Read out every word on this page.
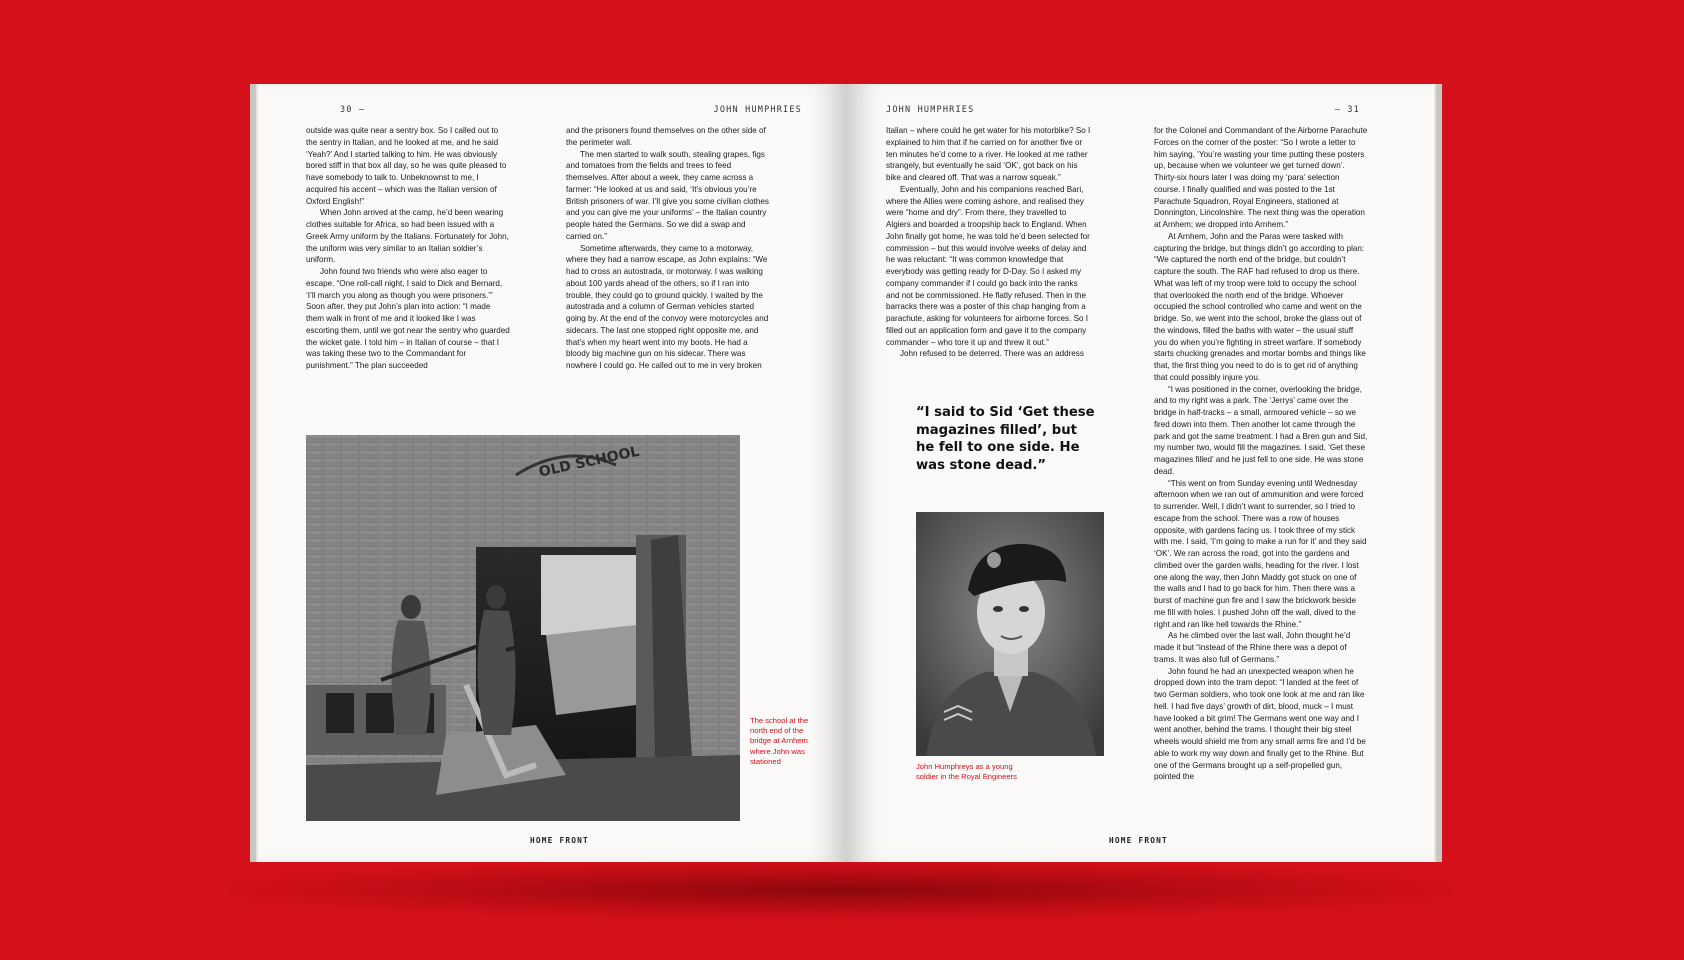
30 —	JOHN HUMPHRIES

outside was quite near a sentry box. So I called out to the sentry in Italian, and he looked at me, and he said ‘Yeah?’ And I started talking to him. He was obviously bored stiff in that box all day, so he was quite pleased to have somebody to talk to. Unbeknownst to me, I acquired his accent – which was the Italian version of Oxford English!”

When John arrived at the camp, he’d been wearing clothes suitable for Africa, so had been issued with a Greek Army uniform by the Italians. Fortunately for John, the uniform was very similar to an Italian soldier’s uniform.

John found two friends who were also eager to escape. “One roll-call night, I said to Dick and Bernard, ‘I’ll march you along as though you were prisoners.’” Soon after, they put John’s plan into action: “I made them walk in front of me and it looked like I was escorting them, until we got near the sentry who guarded the wicket gate. I told him – in Italian of course – that I was taking these two to the Commandant for punishment.” The plan succeeded

and the prisoners found themselves on the other side of the perimeter wall.

The men started to walk south, stealing grapes, figs and tomatoes from the fields and trees to feed themselves. After about a week, they came across a farmer: “He looked at us and said, ‘It’s obvious you’re British prisoners of war. I’ll give you some civilian clothes and you can give me your uniforms’ – the Italian country people hated the Germans. So we did a swap and carried on.”

Sometime afterwards, they came to a motorway, where they had a narrow escape, as John explains: “We had to cross an autostrada, or motorway. I was walking about 100 yards ahead of the others, so if I ran into trouble, they could go to ground quickly. I waited by the autostrada and a column of German vehicles started going by. At the end of the convoy were motorcycles and sidecars. The last one stopped right opposite me, and that’s when my heart went into my boots. He had a bloody big machine gun on his sidecar. There was nowhere I could go. He called out to me in very broken

OLD SCHOOL
The school at the north end of the bridge at Arnhem where John was stationed
HOME FRONT
JOHN HUMPHRIES	— 31

Italian – where could he get water for his motorbike? So I explained to him that if he carried on for another five or ten minutes he’d come to a river. He looked at me rather strangely, but eventually he said ‘OK’, got back on his bike and cleared off. That was a narrow squeak.”

Eventually, John and his companions reached Bari, where the Allies were coming ashore, and realised they were “home and dry”. From there, they travelled to Algiers and boarded a troopship back to England. When John finally got home, he was told he’d been selected for commission – but this would involve weeks of delay and he was reluctant: “It was common knowledge that everybody was getting ready for D-Day. So I asked my company commander if I could go back into the ranks and not be commissioned. He flatly refused. Then in the barracks there was a poster of this chap hanging from a parachute, asking for volunteers for airborne forces. So I filled out an application form and gave it to the company commander – who tore it up and threw it out.”

John refused to be deterred. There was an address

“I said to Sid ‘Get these magazines filled’, but he fell to one side. He was stone dead.”
John Humphreys as a young soldier in the Royal Engineers

for the Colonel and Commandant of the Airborne Parachute Forces on the corner of the poster: “So I wrote a letter to him saying, ‘You’re wasting your time putting these posters up, because when we volunteer we get turned down’. Thirty-six hours later I was doing my ‘para’ selection course. I finally qualified and was posted to the 1st Parachute Squadron, Royal Engineers, stationed at Donnington, Lincolnshire. The next thing was the operation at Arnhem; we dropped into Arnhem.”

At Arnhem, John and the Paras were tasked with capturing the bridge, but things didn’t go according to plan: “We captured the north end of the bridge, but couldn’t capture the south. The RAF had refused to drop us there. What was left of my troop were told to occupy the school that overlooked the north end of the bridge. Whoever occupied the school controlled who came and went on the bridge. So, we went into the school, broke the glass out of the windows, filled the baths with water – the usual stuff you do when you’re fighting in street warfare. If somebody starts chucking grenades and mortar bombs and things like that, the first thing you need to do is to get rid of anything that could possibly injure you.

“I was positioned in the corner, overlooking the bridge, and to my right was a park. The ‘Jerrys’ came over the bridge in half-tracks – a small, armoured vehicle – so we fired down into them. Then another lot came through the park and got the same treatment. I had a Bren gun and Sid, my number two, would fill the magazines. I said, ‘Get these magazines filled’ and he just fell to one side. He was stone dead.

“This went on from Sunday evening until Wednesday afternoon when we ran out of ammunition and were forced to surrender. Well, I didn’t want to surrender, so I tried to escape from the school. There was a row of houses opposite, with gardens facing us. I took three of my stick with me. I said, ‘I’m going to make a run for it’ and they said ‘OK’. We ran across the road, got into the gardens and climbed over the garden walls, heading for the river. I lost one along the way, then John Maddy got stuck on one of the walls and I had to go back for him. Then there was a burst of machine gun fire and I saw the brickwork beside me fill with holes. I pushed John off the wall, dived to the right and ran like hell towards the Rhine.”

As he climbed over the last wall, John thought he’d made it but “instead of the Rhine there was a depot of trams. It was also full of Germans.”

John found he had an unexpected weapon when he dropped down into the tram depot: “I landed at the feet of two German soldiers, who took one look at me and ran like hell. I had five days’ growth of dirt, blood, muck – I must have looked a bit grim! The Germans went one way and I went another, behind the trams. I thought their big steel wheels would shield me from any small arms fire and I’d be able to work my way down and finally get to the Rhine. But one of the Germans brought up a self-propelled gun, pointed the

HOME FRONT
